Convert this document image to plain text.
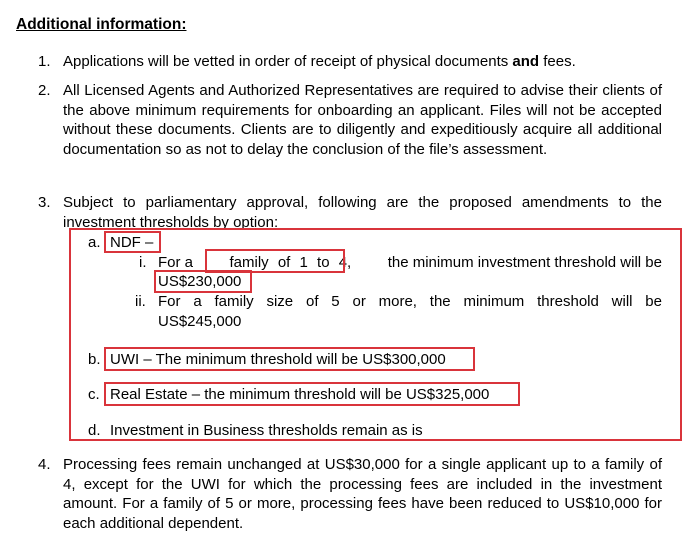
Additional information:
1. Applications will be vetted in order of receipt of physical documents and fees.
2. All Licensed Agents and Authorized Representatives are required to advise their clients of the above minimum requirements for onboarding an applicant. Files will not be accepted without these documents. Clients are to diligently and expeditiously acquire all additional documentation so as not to delay the conclusion of the file’s assessment.
3. Subject to parliamentary approval, following are the proposed amendments to the
investment thresholds by option:
a. NDF –
i. For a family of 1 to 4, the minimum investment threshold will be
US$230,000
ii. For a family size of 5 or more, the minimum threshold will be
US$245,000
b. UWI – The minimum threshold will be US$300,000
c. Real Estate – the minimum threshold will be US$325,000
d. Investment in Business thresholds remain as is
4. Processing fees remain unchanged at US$30,000 for a single applicant up to a family of 4, except for the UWI for which the processing fees are included in the investment amount. For a family of 5 or more, processing fees have been reduced to US$10,000 for each additional dependent.
